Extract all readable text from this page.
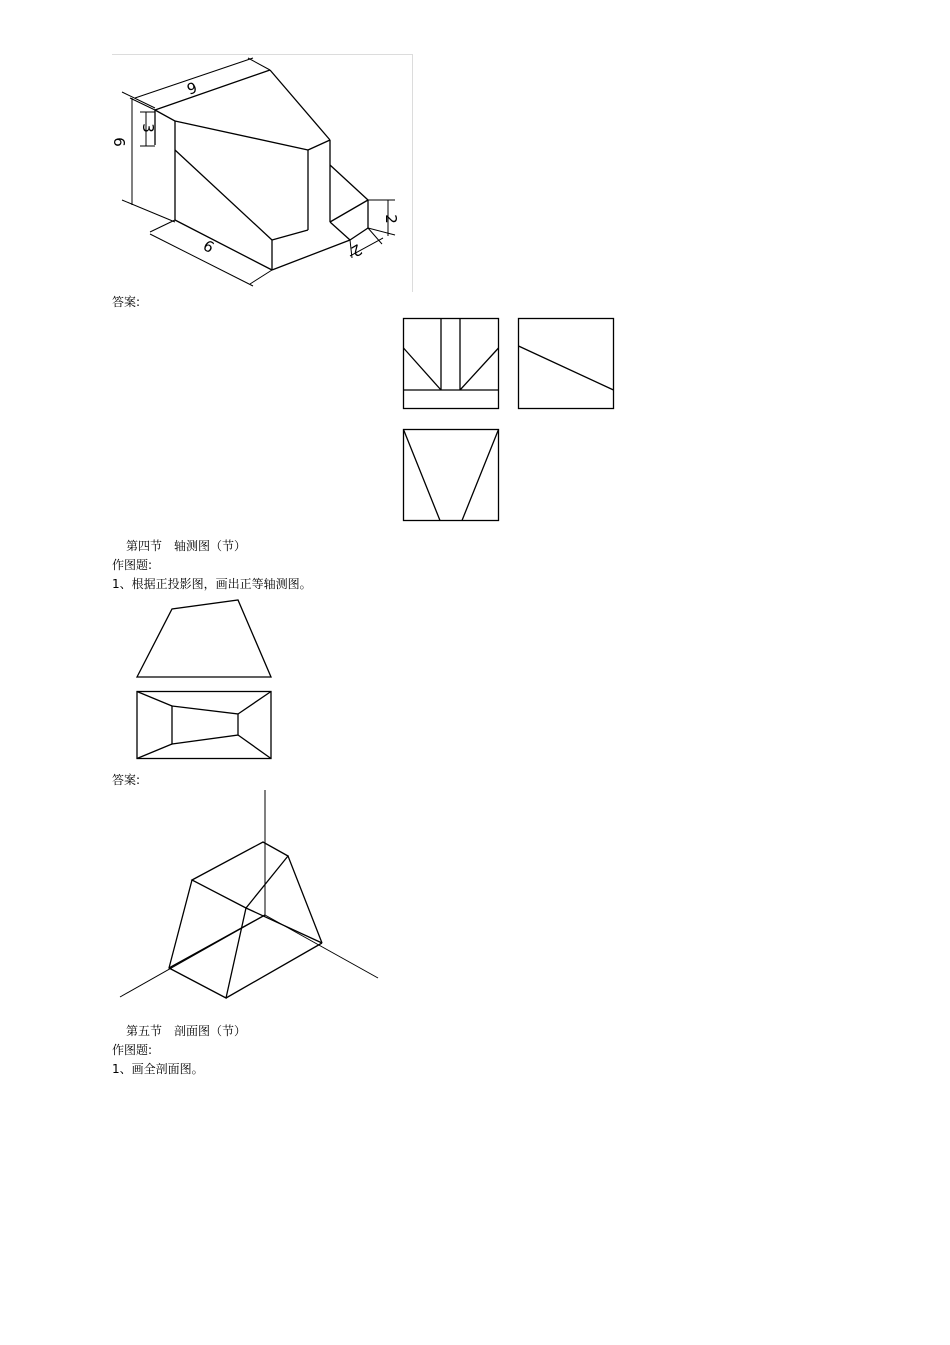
6
6
3
6
2
2
答案:
第四节　轴测图（节）
作图题:
1、根据正投影图，画出正等轴测图。
答案:
第五节　剖面图（节）
作图题:
1、画全剖面图。
